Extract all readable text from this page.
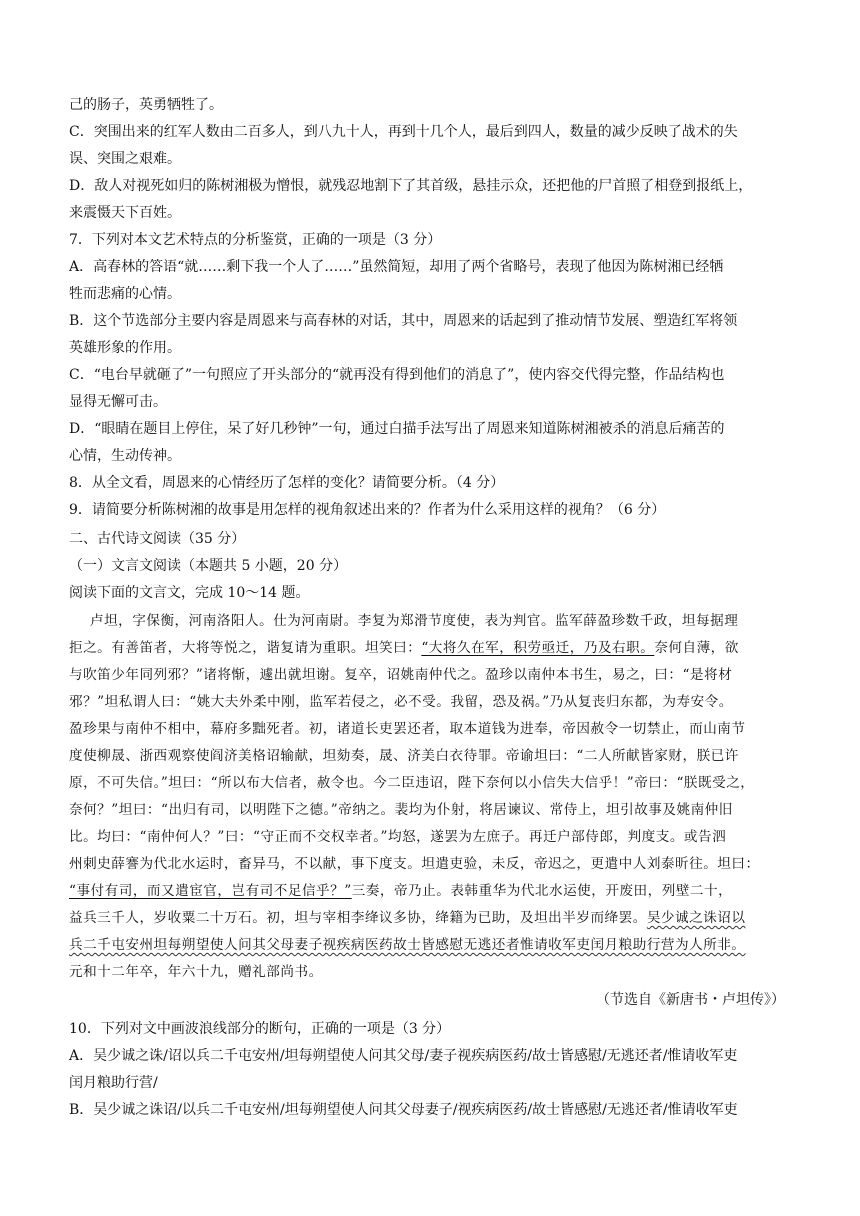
己的肠子，英勇牺牲了。
C．突围出来的红军人数由二百多人，到八九十人，再到十几个人，最后到四人，数量的减少反映了战术的失
误、突围之艰难。
D．敌人对视死如归的陈树湘极为憎恨，就残忍地割下了其首级，悬挂示众，还把他的尸首照了相登到报纸上，
来震慑天下百姓。
7．下列对本文艺术特点的分析鉴赏，正确的一项是（3 分）
A．高春林的答语“就……剩下我一个人了……”虽然简短，却用了两个省略号，表现了他因为陈树湘已经牺
牲而悲痛的心情。
B．这个节选部分主要内容是周恩来与高春林的对话，其中，周恩来的话起到了推动情节发展、塑造红军将领
英雄形象的作用。
C．“电台早就砸了”一句照应了开头部分的“就再没有得到他们的消息了”，使内容交代得完整，作品结构也
显得无懈可击。
D．“眼睛在题目上停住，呆了好几秒钟”一句，通过白描手法写出了周恩来知道陈树湘被杀的消息后痛苦的
心情，生动传神。
8．从全文看，周恩来的心情经历了怎样的变化？请简要分析。（4 分）
9．请简要分析陈树湘的故事是用怎样的视角叙述出来的？作者为什么采用这样的视角？（6 分）
二、古代诗文阅读（35 分）
（一）文言文阅读（本题共 5 小题，20 分）
阅读下面的文言文，完成 10～14 题。
卢坦，字保衡，河南洛阳人。仕为河南尉。李复为郑滑节度使，表为判官。监军薛盈珍数千政，坦每据理
拒之。有善笛者，大将等悦之，谐复请为重职。坦笑曰：“大将久在军，积劳亟迁，乃及右职。奈何自薄，欲
与吹笛少年同列邪？”诸将惭，遽出就坦谢。复卒，诏姚南仲代之。盈珍以南仲本书生，易之，曰：“是将材
邪？”坦私谓人曰：“姚大夫外柔中刚，监军若侵之，必不受。我留，恐及祸。”乃从复丧归东都，为寿安令。
盈珍果与南仲不相中，幕府多黜死者。初，诸道长吏罢还者，取本道钱为进奉，帝因赦令一切禁止，而山南节
度使柳晟、浙西观察使阎济美格诏输献，坦劾奏，晟、济美白衣待罪。帝谕坦曰：“二人所献皆家财，朕已许
原，不可失信。”坦曰：“所以布大信者，赦令也。今二臣违诏，陛下奈何以小信失大信乎！”帝曰：“朕既受之，
奈何？”坦曰：“出归有司，以明陛下之德。”帝纳之。裴均为仆射，将居谏议、常侍上，坦引故事及姚南仲旧
比。均曰：“南仲何人？”曰：“守正而不交权幸者。”均怒，遂罢为左庶子。再迁户部侍郎，判度支。或告泗
州刺史薛謇为代北水运时，畜异马，不以献，事下度支。坦遣吏验，未反，帝迟之，更遣中人刘泰昕往。坦曰：
“事付有司，而又遣宦官，岂有司不足信乎？”三奏，帝乃止。表韩重华为代北水运使，开废田，列壁二十，
益兵三千人，岁收粟二十万石。初，坦与宰相李绛议多协，绛籍为已助，及坦出半岁而绛罢。吴少诚之诛诏以
兵二千屯安州坦每朔望使人问其父母妻子视疾病医药故士皆感慰无逃还者惟请收军吏闰月粮助行营为人所非。
元和十二年卒，年六十九，赠礼部尚书。
（节选自《新唐书・卢坦传》）
10．下列对文中画波浪线部分的断句，正确的一项是（3 分）
A．吴少诚之诛/诏以兵二千屯安州/坦每朔望使人问其父母/妻子视疾病医药/故士皆感慰/无逃还者/惟请收军吏
闰月粮助行营/
B．吴少诚之诛诏/以兵二千屯安州/坦每朔望使人问其父母妻子/视疾病医药/故士皆感慰/无逃还者/惟请收军吏
